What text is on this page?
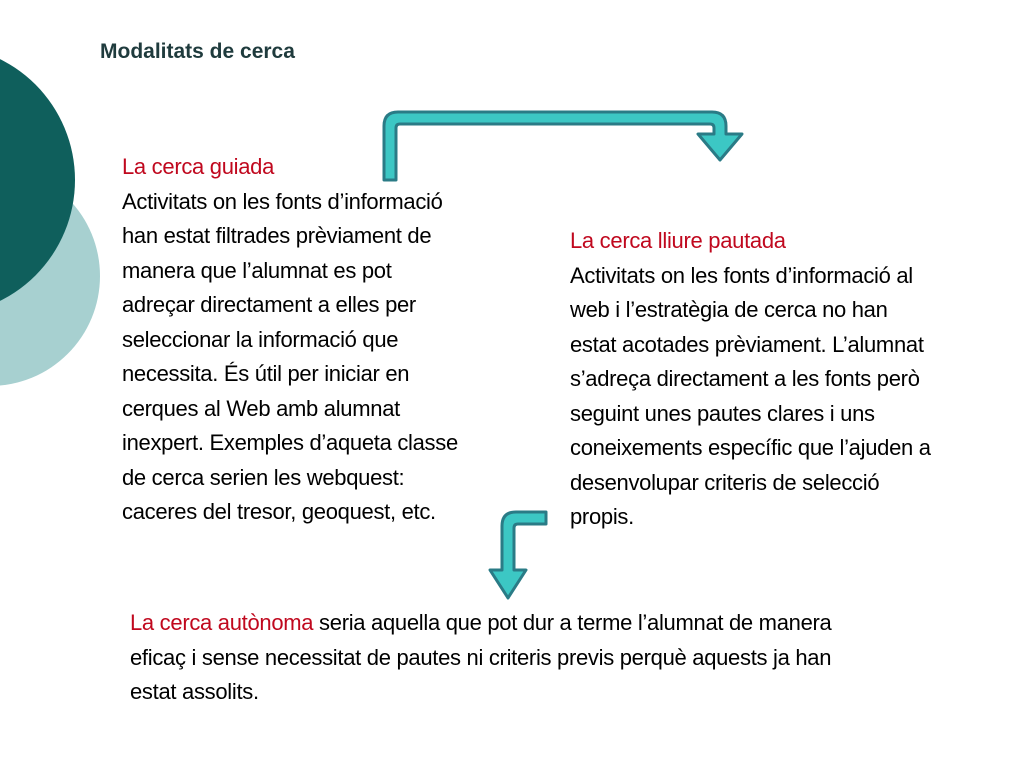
Modalitats de cerca
La cerca guiada
Activitats on les fonts d’informació
han estat filtrades prèviament de
manera que l’alumnat es pot
adreçar directament a elles per
seleccionar la informació que
necessita. És útil per iniciar en
cerques al Web amb alumnat
inexpert. Exemples d’aqueta classe
de cerca serien les webquest:
caceres del tresor, geoquest, etc.
La cerca lliure pautada
Activitats on les fonts d’informació al
web i l’estratègia de cerca no han
estat acotades prèviament. L’alumnat
s’adreça directament a les fonts però
seguint unes pautes clares i uns
coneixements específic que l’ajuden a
desenvolupar criteris de selecció
propis.
La cerca autònoma seria aquella que pot dur a terme l’alumnat de manera
eficaç i sense necessitat de pautes ni criteris previs perquè aquests ja han
estat assolits.
